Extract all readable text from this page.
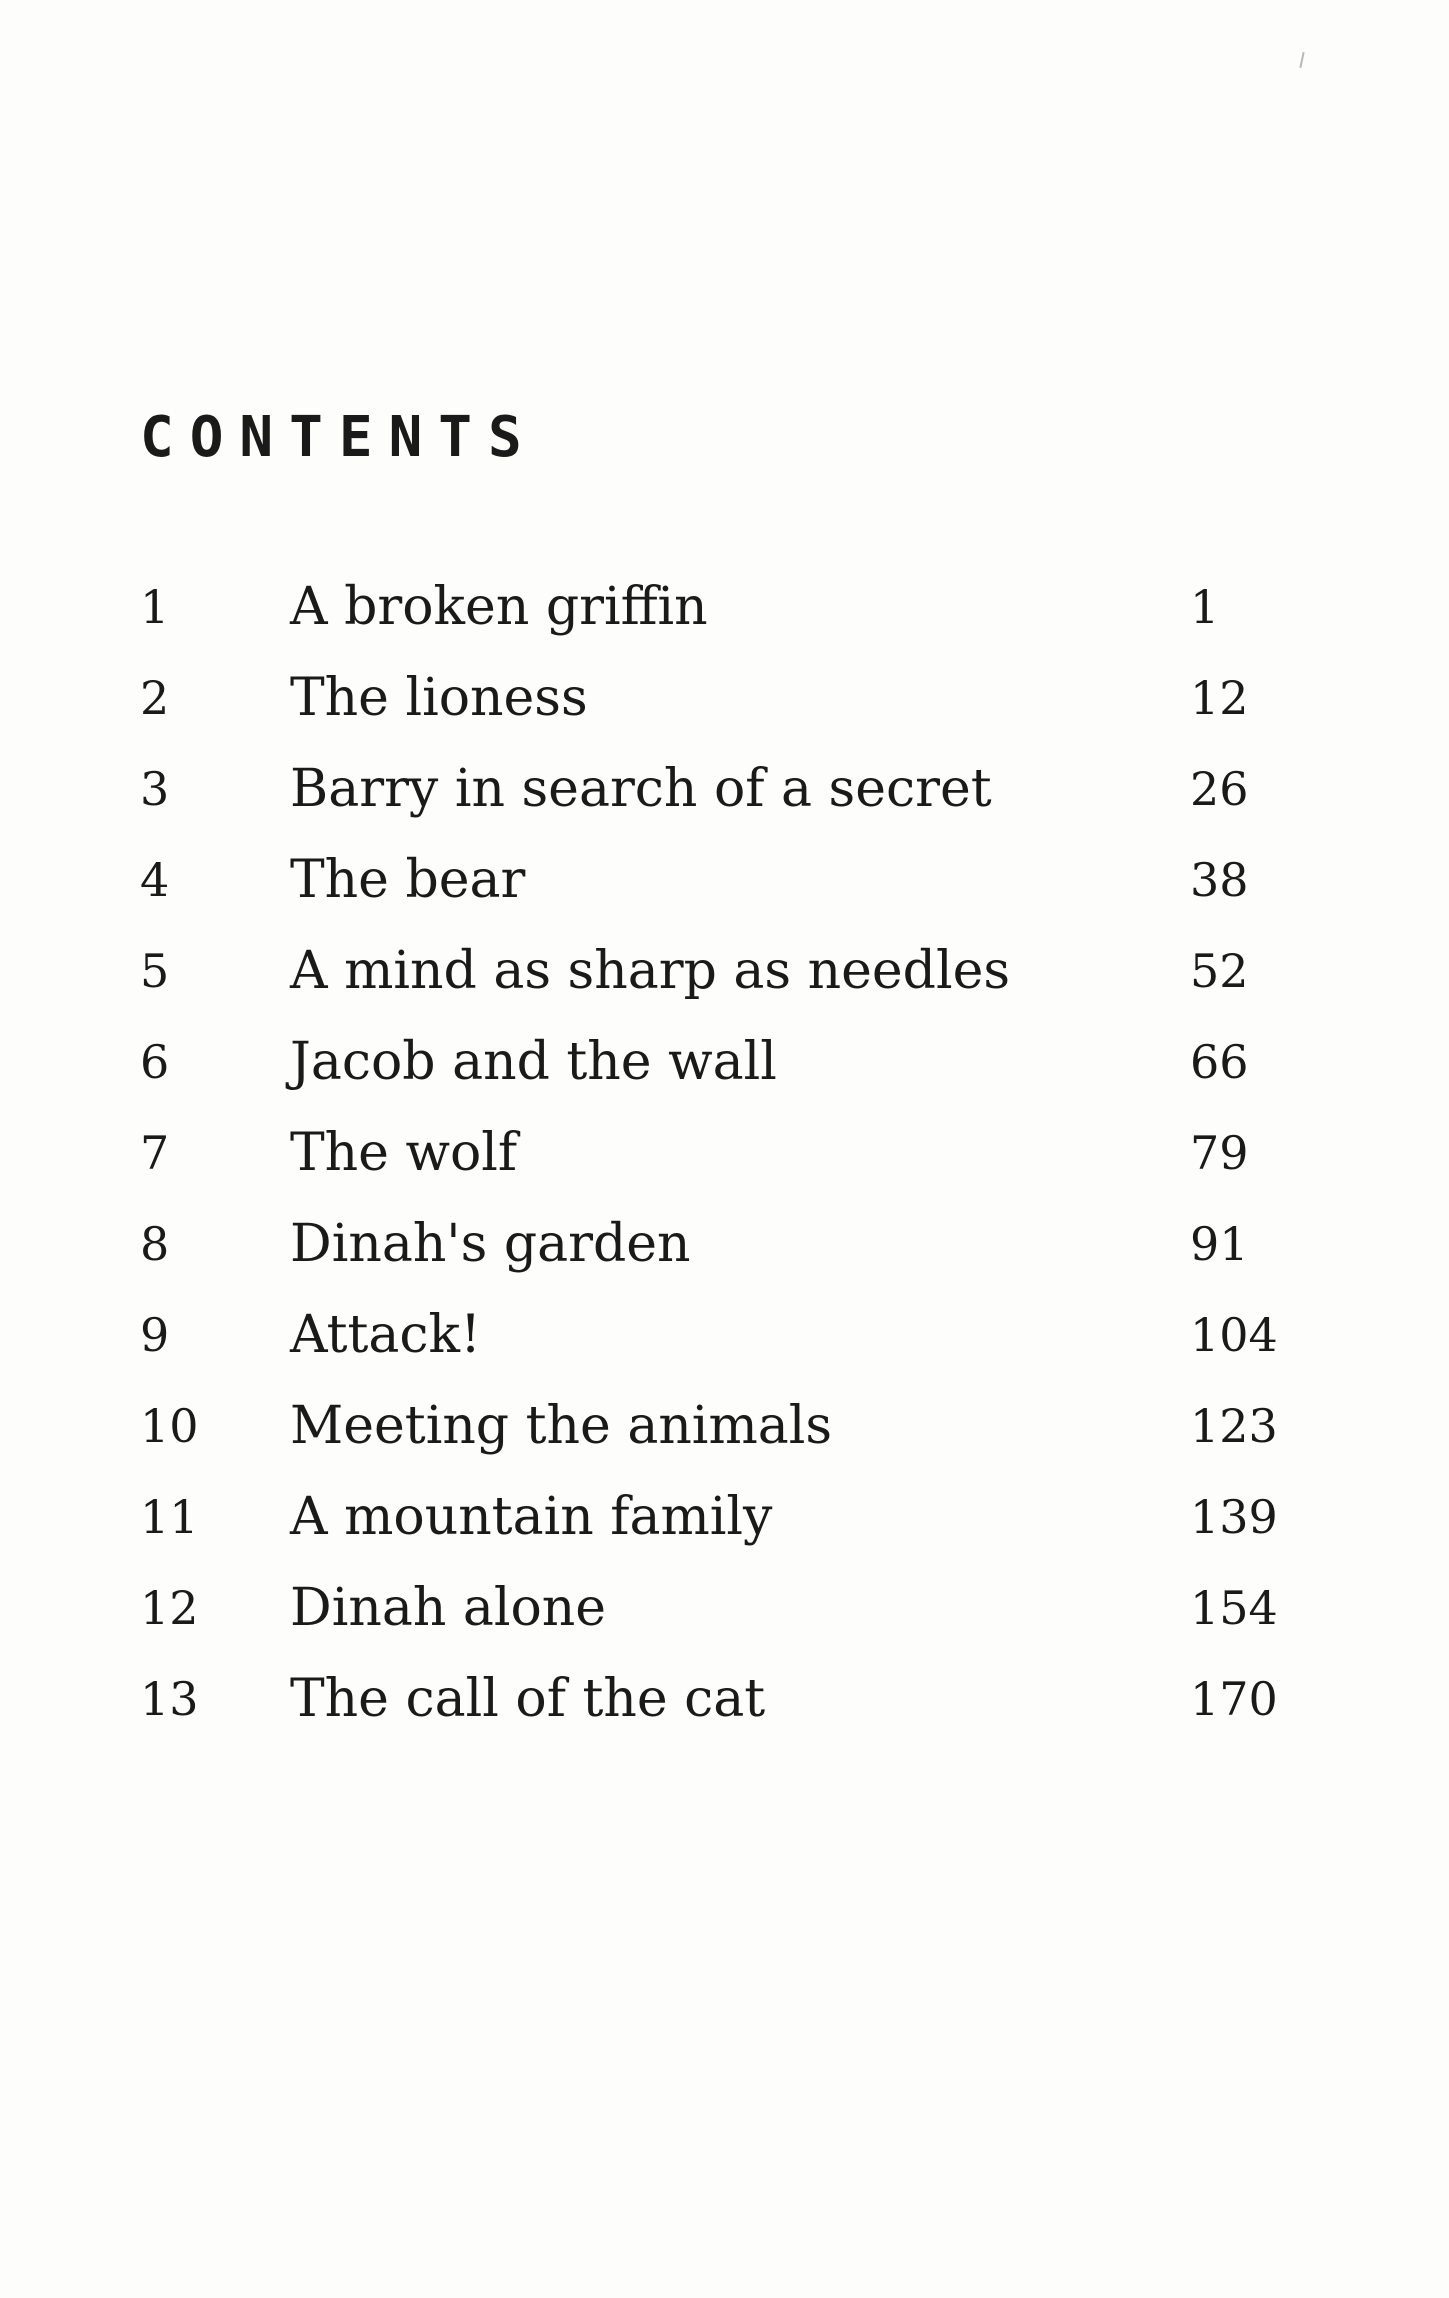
CONTENTS
1 A broken griffin	1
2 The lioness	12
3 Barry in search of a secret	26
4 The bear	38
5 A mind as sharp as needles	52
6 Jacob and the wall	66
7 The wolf	79
8 Dinah's garden	91
9 Attack!	104
10 Meeting the animals	123
11 A mountain family	139
12 Dinah alone	154
13 The call of the cat	170
